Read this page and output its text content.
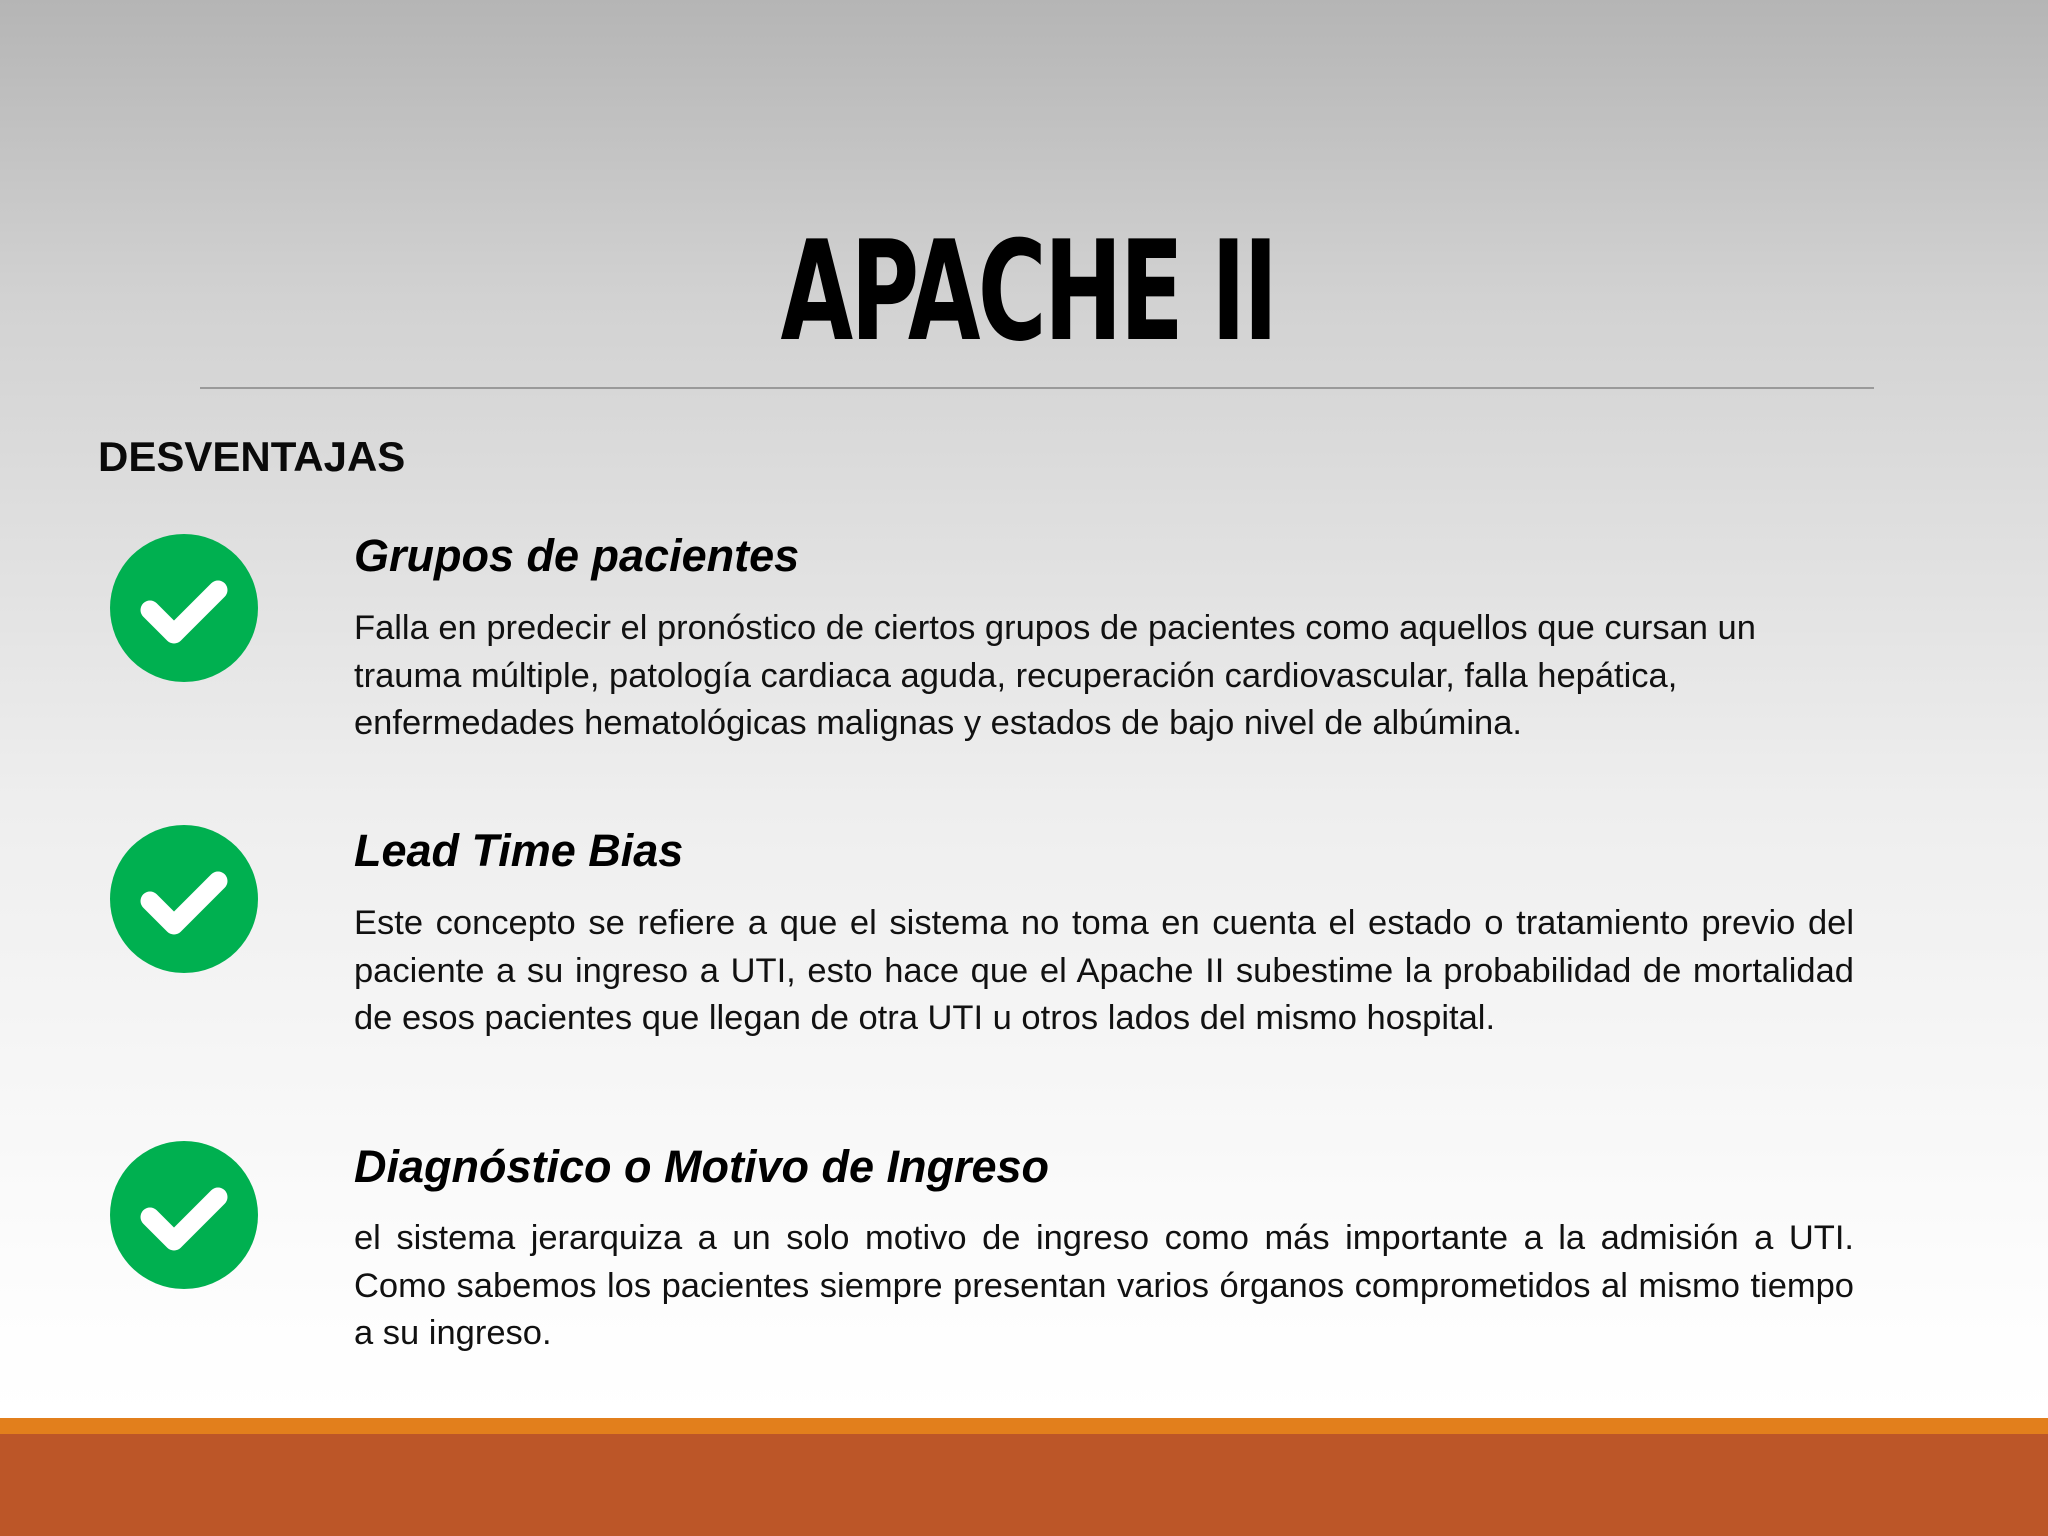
APACHE II
DESVENTAJAS
Grupos de pacientes
Falla en predecir el pronóstico de ciertos grupos de pacientes como aquellos que cursan un trauma múltiple, patología cardiaca aguda, recuperación cardiovascular, falla hepática, enfermedades hematológicas malignas y estados de bajo nivel de albúmina.
Lead Time Bias
Este concepto se refiere a que el sistema no toma en cuenta el estado o tratamiento previo del paciente a su ingreso a UTI, esto hace que el Apache II subestime la probabilidad de mortalidad de esos pacientes que llegan de otra UTI u otros lados del mismo hospital.
Diagnóstico o Motivo de Ingreso
el sistema jerarquiza a un solo motivo de ingreso como más importante a la admisión a UTI. Como sabemos los pacientes siempre presentan varios órganos comprometidos al mismo tiempo a su ingreso.
